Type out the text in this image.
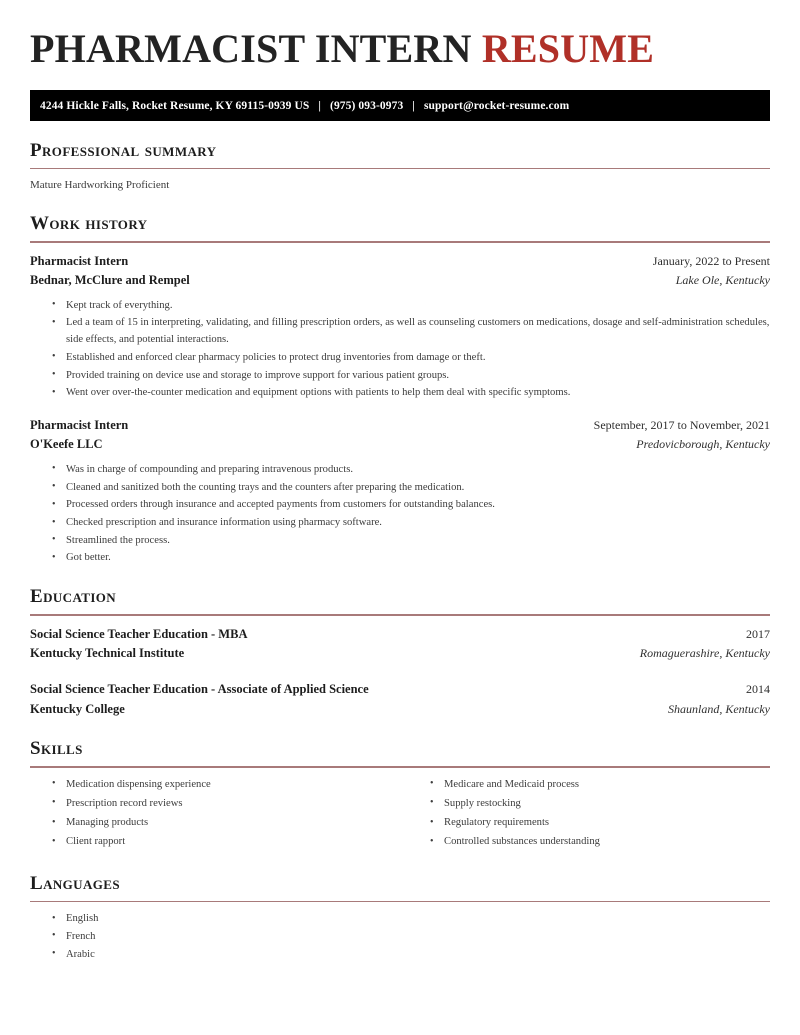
PHARMACIST INTERN RESUME
4244 Hickle Falls, Rocket Resume, KY 69115-0939 US | (975) 093-0973 | support@rocket-resume.com
Professional summary

Mature Hardworking Proficient

Work history
Pharmacist Intern	January, 2022 to Present
Bednar, McClure and Rempel	Lake Ole, Kentucky
• Kept track of everything.
• Led a team of 15 in interpreting, validating, and filling prescription orders, as well as counseling customers on medications, dosage and self-administration schedules, side effects, and potential interactions.
• Established and enforced clear pharmacy policies to protect drug inventories from damage or theft.
• Provided training on device use and storage to improve support for various patient groups.
• Went over over-the-counter medication and equipment options with patients to help them deal with specific symptoms.
Pharmacist Intern	September, 2017 to November, 2021
O'Keefe LLC	Predovicborough, Kentucky
• Was in charge of compounding and preparing intravenous products.
• Cleaned and sanitized both the counting trays and the counters after preparing the medication.
• Processed orders through insurance and accepted payments from customers for outstanding balances.
• Checked prescription and insurance information using pharmacy software.
• Streamlined the process.
• Got better.
Education
Social Science Teacher Education - MBA	2017
Kentucky Technical Institute	Romaguerashire, Kentucky
Social Science Teacher Education - Associate of Applied Science	2014
Kentucky College	Shaunland, Kentucky
Skills
• Medication dispensing experience
• Prescription record reviews
• Managing products
• Client rapport
• Medicare and Medicaid process
• Supply restocking
• Regulatory requirements
• Controlled substances understanding
Languages
• English
• French
• Arabic
